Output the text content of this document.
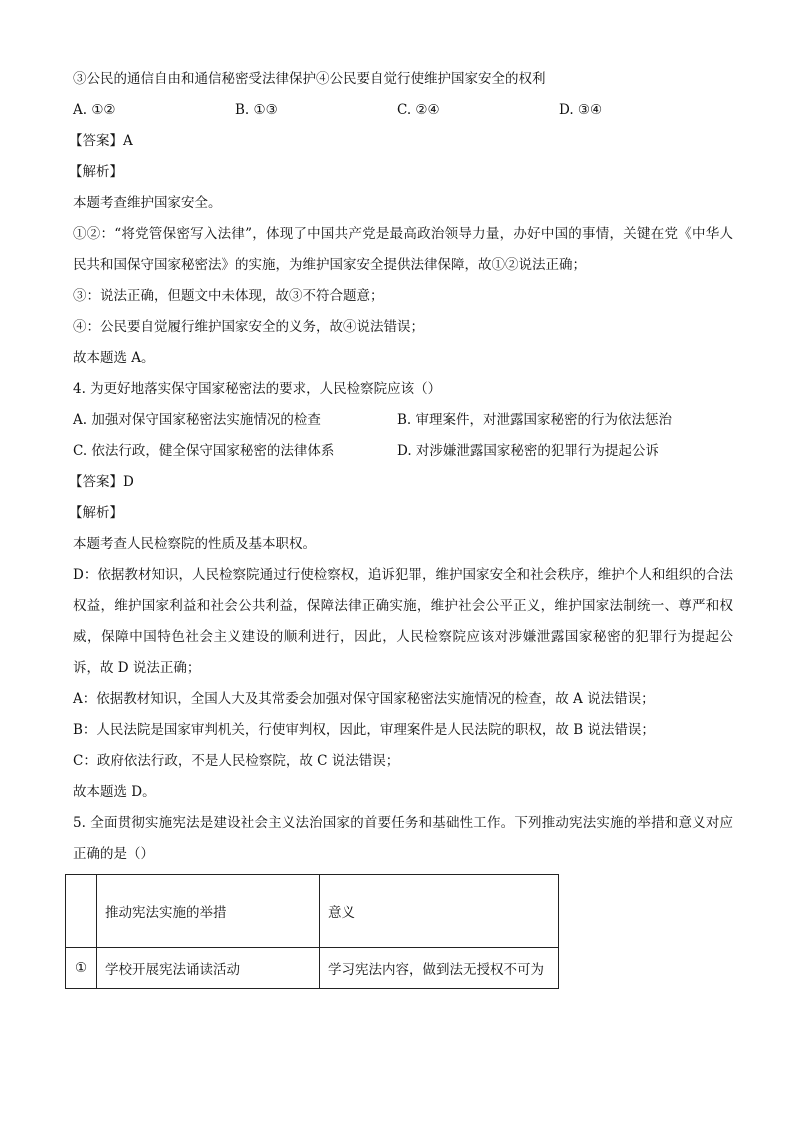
③公民的通信自由和通信秘密受法律保护④公民要自觉行使维护国家安全的权利
A. ①②	B. ①③	C. ②④	D. ③④
【答案】A
【解析】
本题考查维护国家安全。
①②：“将党管保密写入法律”，体现了中国共产党是最高政治领导力量，办好中国的事情，关键在党《中华人民共和国保守国家秘密法》的实施，为维护国家安全提供法律保障，故①②说法正确；
③：说法正确，但题文中未体现，故③不符合题意；
④：公民要自觉履行维护国家安全的义务，故④说法错误；
故本题选 A。
4. 为更好地落实保守国家秘密法的要求，人民检察院应该（）
A. 加强对保守国家秘密法实施情况的检查	B. 审理案件，对泄露国家秘密的行为依法惩治
C. 依法行政，健全保守国家秘密的法律体系	D. 对涉嫌泄露国家秘密的犯罪行为提起公诉
【答案】D
【解析】
本题考查人民检察院的性质及基本职权。
D：依据教材知识，人民检察院通过行使检察权，追诉犯罪，维护国家安全和社会秩序，维护个人和组织的合法权益，维护国家利益和社会公共利益，保障法律正确实施，维护社会公平正义，维护国家法制统一、尊严和权威，保障中国特色社会主义建设的顺利进行，因此，人民检察院应该对涉嫌泄露国家秘密的犯罪行为提起公诉，故 D 说法正确；
A：依据教材知识，全国人大及其常委会加强对保守国家秘密法实施情况的检查，故 A 说法错误；
B：人民法院是国家审判机关，行使审判权，因此，审理案件是人民法院的职权，故 B 说法错误；
C：政府依法行政，不是人民检察院，故 C 说法错误；
故本题选 D。
5. 全面贯彻实施宪法是建设社会主义法治国家的首要任务和基础性工作。下列推动宪法实施的举措和意义对应正确的是（）
	推动宪法实施的举措	意义
①	学校开展宪法诵读活动	学习宪法内容，做到法无授权不可为
